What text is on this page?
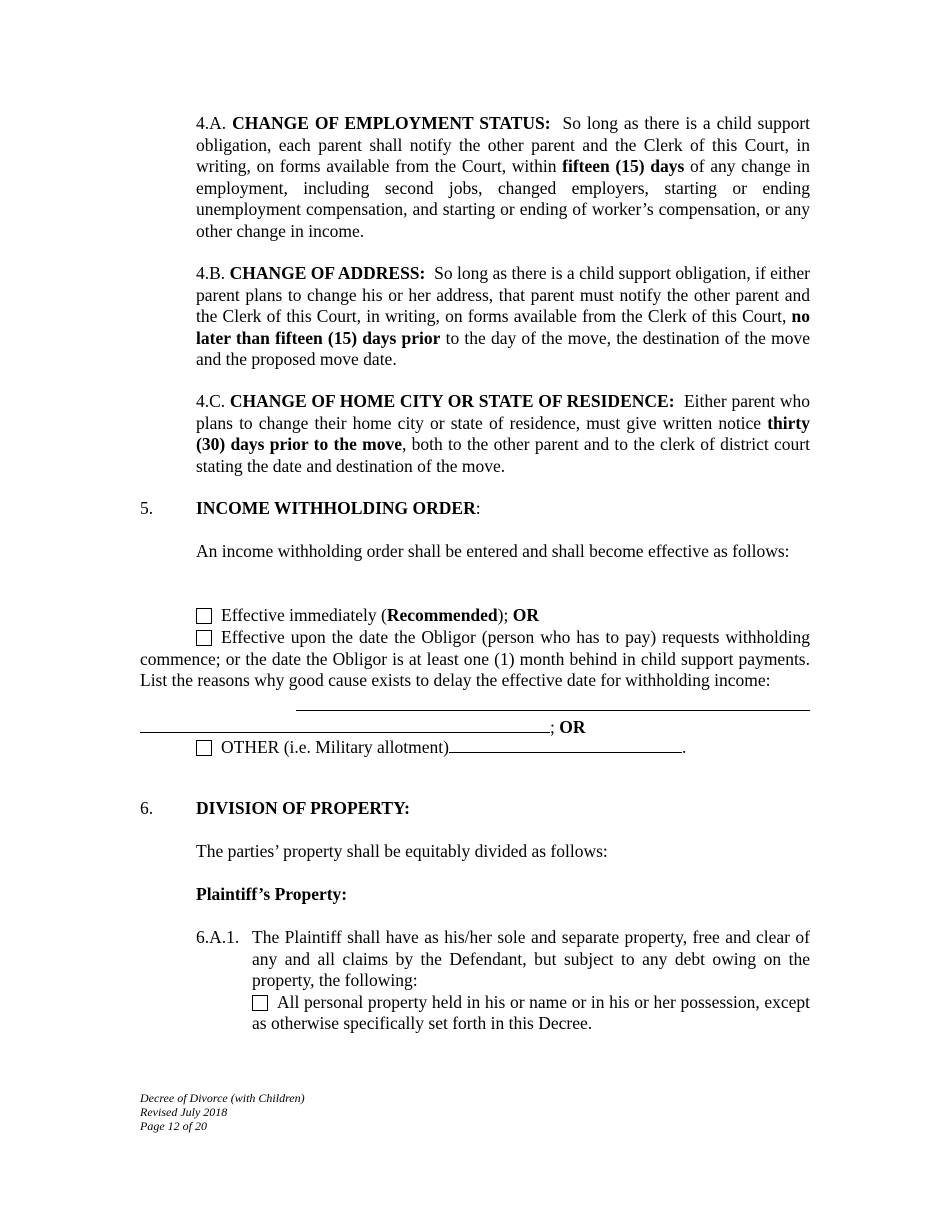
4.A. CHANGE OF EMPLOYMENT STATUS: So long as there is a child support obligation, each parent shall notify the other parent and the Clerk of this Court, in writing, on forms available from the Court, within fifteen (15) days of any change in employment, including second jobs, changed employers, starting or ending unemployment compensation, and starting or ending of worker’s compensation, or any other change in income.

4.B. CHANGE OF ADDRESS: So long as there is a child support obligation, if either parent plans to change his or her address, that parent must notify the other parent and the Clerk of this Court, in writing, on forms available from the Clerk of this Court, no later than fifteen (15) days prior to the day of the move, the destination of the move and the proposed move date.

4.C. CHANGE OF HOME CITY OR STATE OF RESIDENCE: Either parent who plans to change their home city or state of residence, must give written notice thirty (30) days prior to the move, both to the other parent and to the clerk of district court stating the date and destination of the move.

5. INCOME WITHHOLDING ORDER:

An income withholding order shall be entered and shall become effective as follows:

Effective immediately (Recommended); OR

Effective upon the date the Obligor (person who has to pay) requests withholding commence; or the date the Obligor is at least one (1) month behind in child support payments. List the reasons why good cause exists to delay the effective date for withholding income:

; OR
OTHER (i.e. Military allotment)	.
6. DIVISION OF PROPERTY:

The parties’ property shall be equitably divided as follows:

Plaintiff’s Property:

6.A.1. The Plaintiff shall have as his/her sole and separate property, free and clear of any and all claims by the Defendant, but subject to any debt owing on the property, the following:
All personal property held in his or name or in his or her possession, except as otherwise specifically set forth in this Decree.
Decree of Divorce (with Children)
Revised July 2018
Page 12 of 20
